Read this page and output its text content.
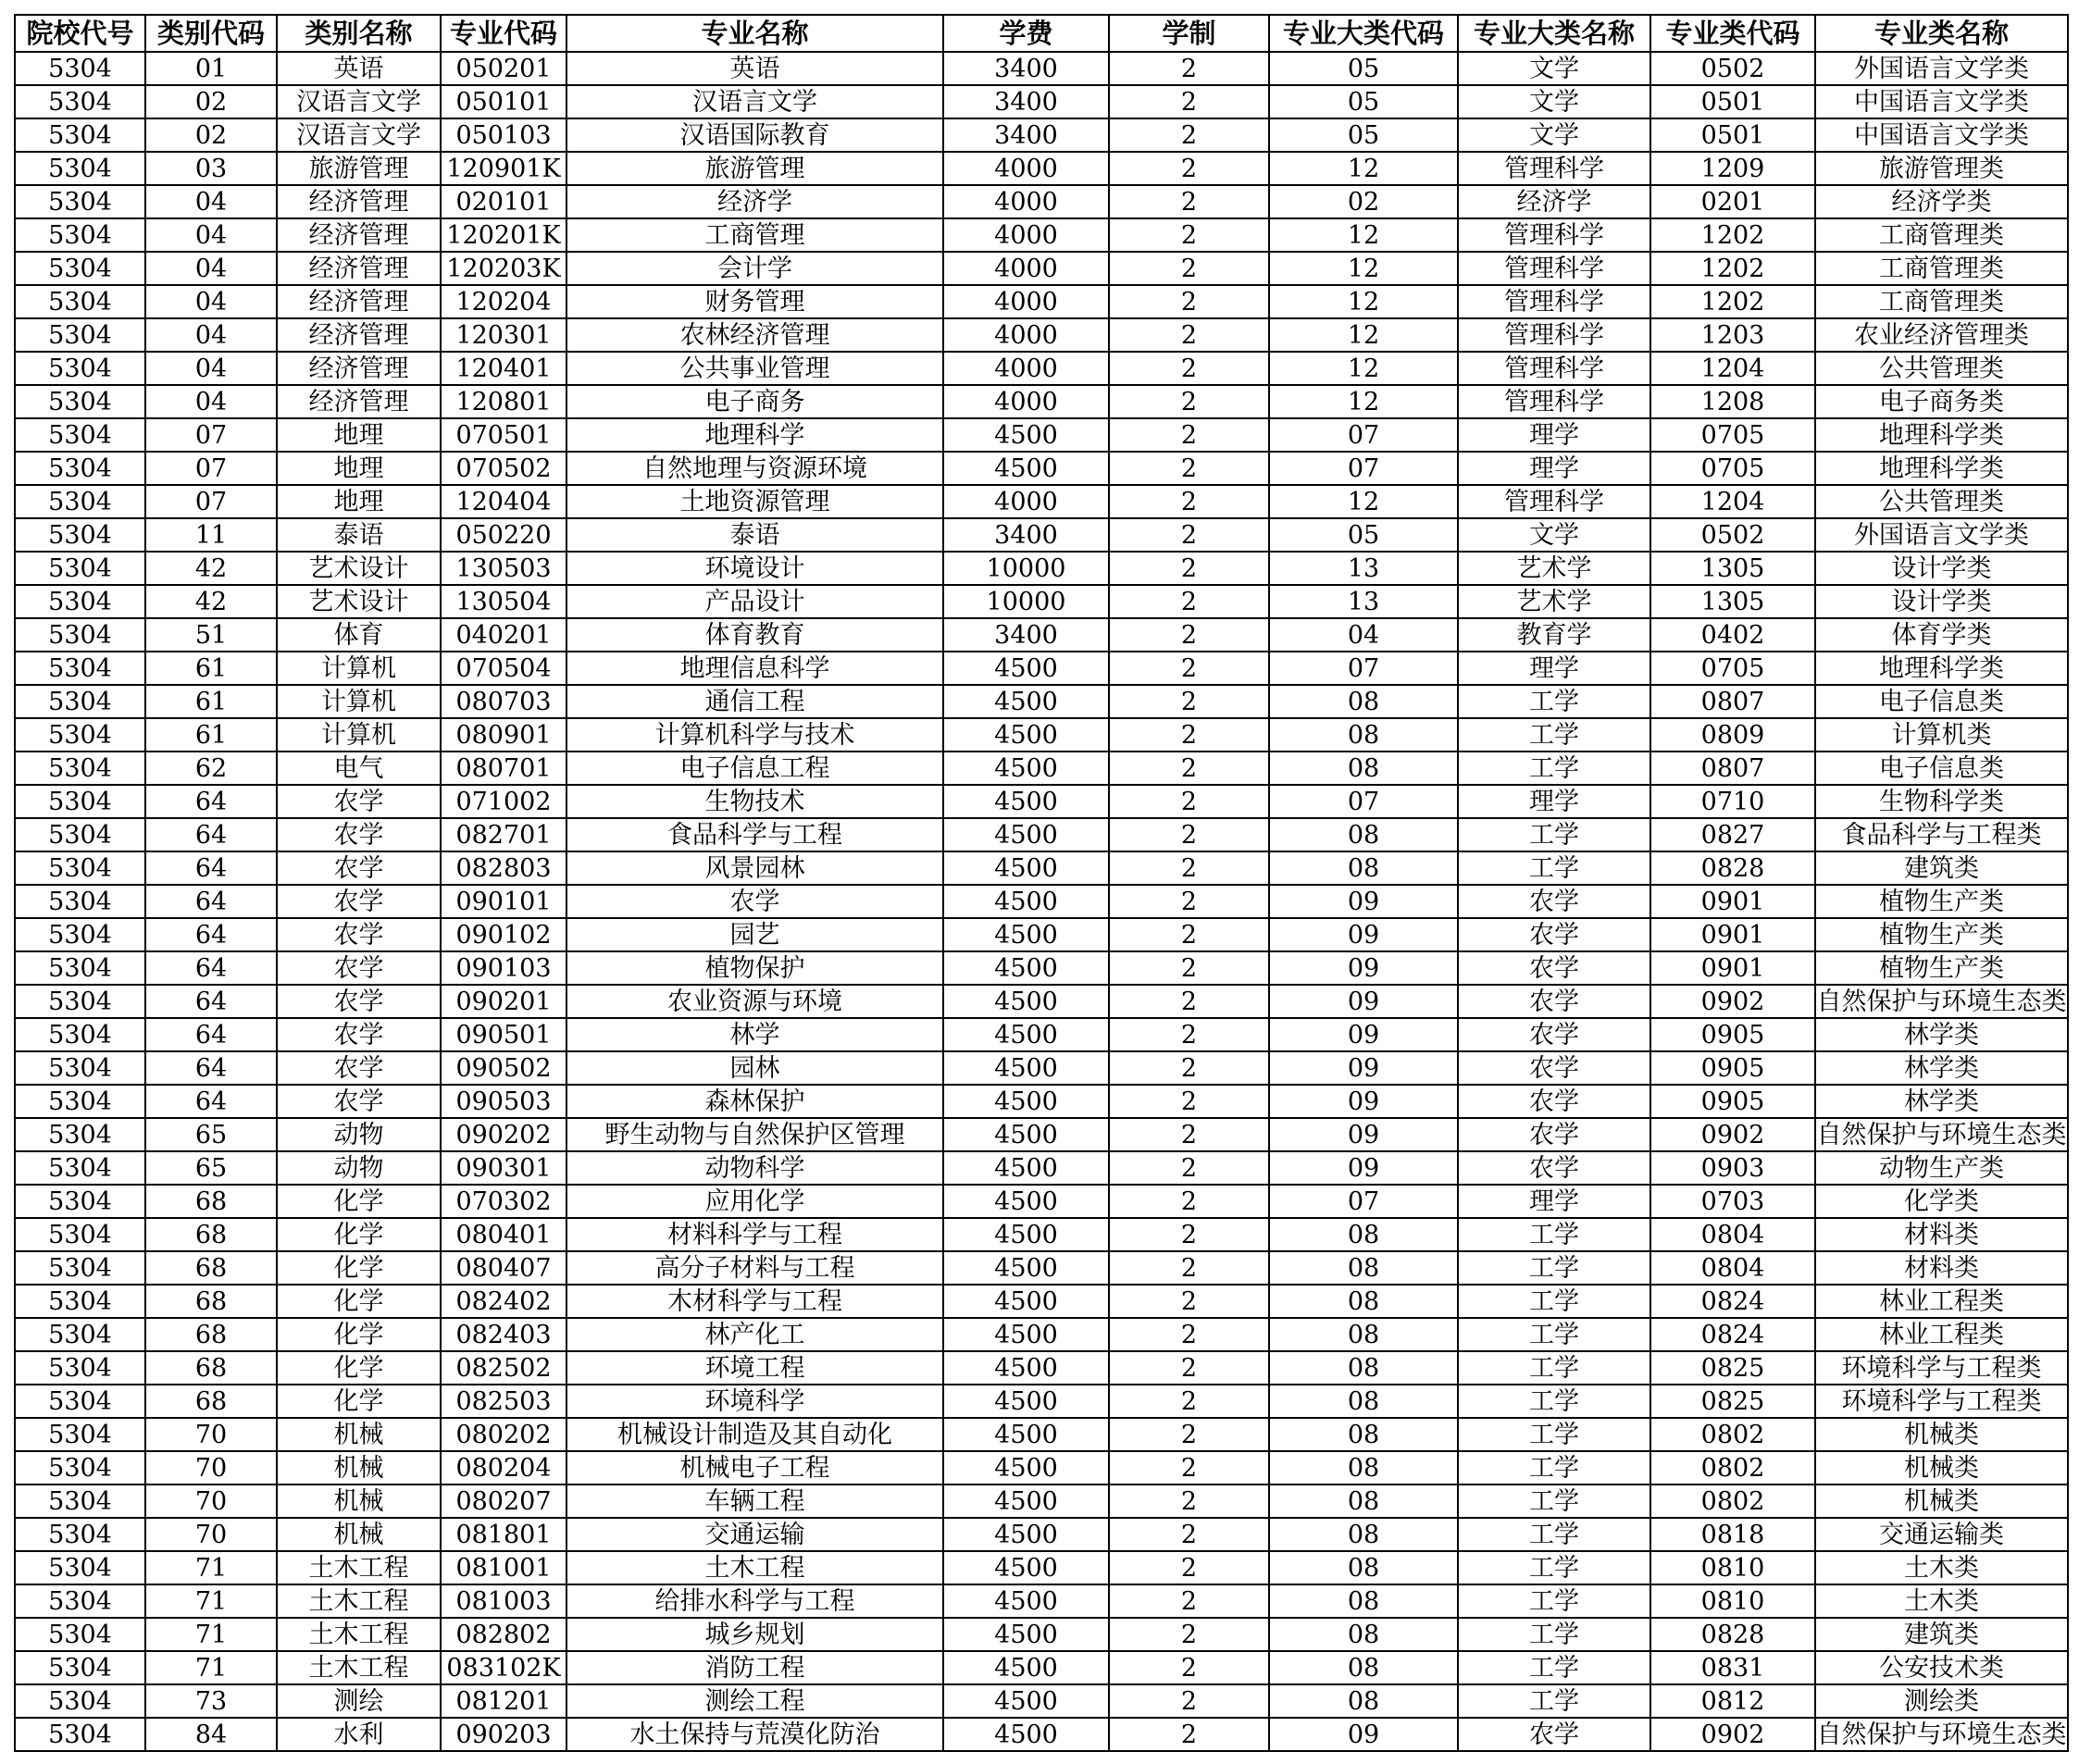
院校代号	类别代码	类别名称	专业代码	专业名称	学费	学制	专业大类代码	专业大类名称	专业类代码	专业类名称
5304	01	英语	050201	英语	3400	2	05	文学	0502	外国语言文学类
5304	02	汉语言文学	050101	汉语言文学	3400	2	05	文学	0501	中国语言文学类
5304	02	汉语言文学	050103	汉语国际教育	3400	2	05	文学	0501	中国语言文学类
5304	03	旅游管理	120901K	旅游管理	4000	2	12	管理科学	1209	旅游管理类
5304	04	经济管理	020101	经济学	4000	2	02	经济学	0201	经济学类
5304	04	经济管理	120201K	工商管理	4000	2	12	管理科学	1202	工商管理类
5304	04	经济管理	120203K	会计学	4000	2	12	管理科学	1202	工商管理类
5304	04	经济管理	120204	财务管理	4000	2	12	管理科学	1202	工商管理类
5304	04	经济管理	120301	农林经济管理	4000	2	12	管理科学	1203	农业经济管理类
5304	04	经济管理	120401	公共事业管理	4000	2	12	管理科学	1204	公共管理类
5304	04	经济管理	120801	电子商务	4000	2	12	管理科学	1208	电子商务类
5304	07	地理	070501	地理科学	4500	2	07	理学	0705	地理科学类
5304	07	地理	070502	自然地理与资源环境	4500	2	07	理学	0705	地理科学类
5304	07	地理	120404	土地资源管理	4000	2	12	管理科学	1204	公共管理类
5304	11	泰语	050220	泰语	3400	2	05	文学	0502	外国语言文学类
5304	42	艺术设计	130503	环境设计	10000	2	13	艺术学	1305	设计学类
5304	42	艺术设计	130504	产品设计	10000	2	13	艺术学	1305	设计学类
5304	51	体育	040201	体育教育	3400	2	04	教育学	0402	体育学类
5304	61	计算机	070504	地理信息科学	4500	2	07	理学	0705	地理科学类
5304	61	计算机	080703	通信工程	4500	2	08	工学	0807	电子信息类
5304	61	计算机	080901	计算机科学与技术	4500	2	08	工学	0809	计算机类
5304	62	电气	080701	电子信息工程	4500	2	08	工学	0807	电子信息类
5304	64	农学	071002	生物技术	4500	2	07	理学	0710	生物科学类
5304	64	农学	082701	食品科学与工程	4500	2	08	工学	0827	食品科学与工程类
5304	64	农学	082803	风景园林	4500	2	08	工学	0828	建筑类
5304	64	农学	090101	农学	4500	2	09	农学	0901	植物生产类
5304	64	农学	090102	园艺	4500	2	09	农学	0901	植物生产类
5304	64	农学	090103	植物保护	4500	2	09	农学	0901	植物生产类
5304	64	农学	090201	农业资源与环境	4500	2	09	农学	0902	自然保护与环境生态类
5304	64	农学	090501	林学	4500	2	09	农学	0905	林学类
5304	64	农学	090502	园林	4500	2	09	农学	0905	林学类
5304	64	农学	090503	森林保护	4500	2	09	农学	0905	林学类
5304	65	动物	090202	野生动物与自然保护区管理	4500	2	09	农学	0902	自然保护与环境生态类
5304	65	动物	090301	动物科学	4500	2	09	农学	0903	动物生产类
5304	68	化学	070302	应用化学	4500	2	07	理学	0703	化学类
5304	68	化学	080401	材料科学与工程	4500	2	08	工学	0804	材料类
5304	68	化学	080407	高分子材料与工程	4500	2	08	工学	0804	材料类
5304	68	化学	082402	木材科学与工程	4500	2	08	工学	0824	林业工程类
5304	68	化学	082403	林产化工	4500	2	08	工学	0824	林业工程类
5304	68	化学	082502	环境工程	4500	2	08	工学	0825	环境科学与工程类
5304	68	化学	082503	环境科学	4500	2	08	工学	0825	环境科学与工程类
5304	70	机械	080202	机械设计制造及其自动化	4500	2	08	工学	0802	机械类
5304	70	机械	080204	机械电子工程	4500	2	08	工学	0802	机械类
5304	70	机械	080207	车辆工程	4500	2	08	工学	0802	机械类
5304	70	机械	081801	交通运输	4500	2	08	工学	0818	交通运输类
5304	71	土木工程	081001	土木工程	4500	2	08	工学	0810	土木类
5304	71	土木工程	081003	给排水科学与工程	4500	2	08	工学	0810	土木类
5304	71	土木工程	082802	城乡规划	4500	2	08	工学	0828	建筑类
5304	71	土木工程	083102K	消防工程	4500	2	08	工学	0831	公安技术类
5304	73	测绘	081201	测绘工程	4500	2	08	工学	0812	测绘类
5304	84	水利	090203	水土保持与荒漠化防治	4500	2	09	农学	0902	自然保护与环境生态类
